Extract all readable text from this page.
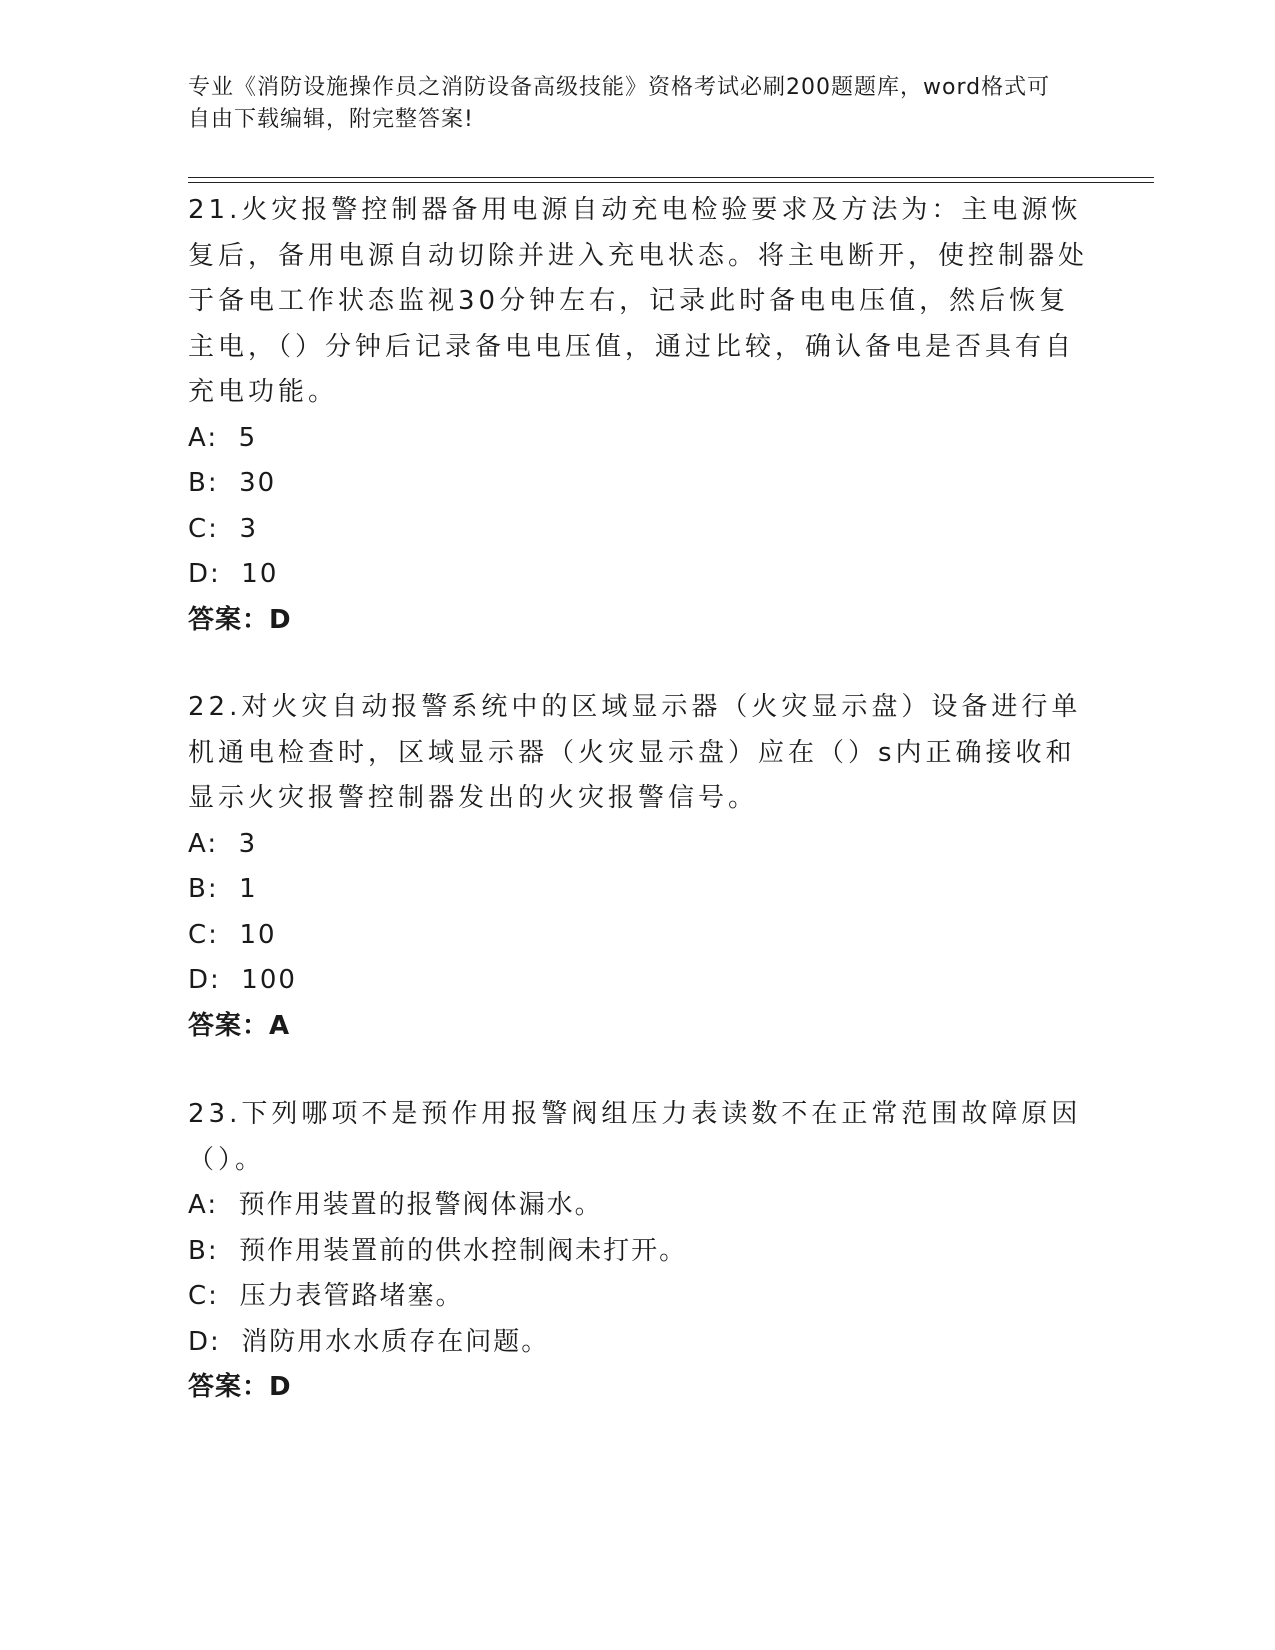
专业《消防设施操作员之消防设备高级技能》资格考试必刷200题题库，word格式可自由下载编辑，附完整答案!

21.火灾报警控制器备用电源自动充电检验要求及方法为：主电源恢复后，备用电源自动切除并进入充电状态。将主电断开，使控制器处于备电工作状态监视30分钟左右，记录此时备电电压值，然后恢复主电，（）分钟后记录备电电压值，通过比较，确认备电是否具有自充电功能。

A:  5

B:  30

C:  3

D:  10

答案：D

22.对火灾自动报警系统中的区域显示器（火灾显示盘）设备进行单机通电检查时，区域显示器（火灾显示盘）应在（）s内正确接收和显示火灾报警控制器发出的火灾报警信号。

A:  3

B:  1

C:  10

D:  100

答案：A

23.下列哪项不是预作用报警阀组压力表读数不在正常范围故障原因（）。

A:  预作用装置的报警阀体漏水。

B:  预作用装置前的供水控制阀未打开。

C:  压力表管路堵塞。

D:  消防用水水质存在问题。

答案：D
